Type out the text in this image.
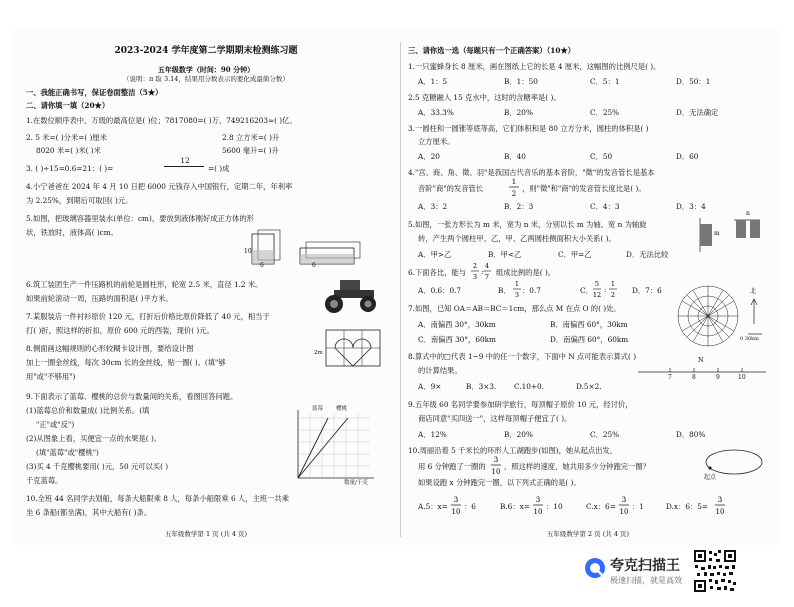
2023-2024 学年度第二学期期末检测练习题
五年级数学（时间：90 分钟）
（说明：π 取 3.14，结果用分数表示的要化成最简分数）
一、我能正确书写，保证卷面整洁（5★）
二、请你填一填（20★）
1.在数位顺序表中，万级的最高位是( )位；7817080=( )万，749216203≈( )亿。
2. 5 米=( )分米=( )厘米	2.8 立方米=( )升
8020 米=( )米( )米	5600 毫升=( )升
3. ( )÷15=0.6=21：( )=
12
=( )成
4.小宁爸爸在 2024 年 4 月 10 日把 6000 元钱存入中国银行，定期二年，年利率
为 2.25%，到期后可取回( )元。
5.如图，把玻璃容器里装水(单位：cm)，要放到液体刚好成正方体的形
状，铁放时，液体高( )cm。
6
10
6
6.筑工装团生产一件压路机的前轮是圆柱形，轮宽 2.5 米，直径 1.2 米。
如果前轮滚动一周，压路的面积是( )平方米。
7.某服装店一件衬衫原价 120 元，打折后价格比原价降低了 40 元，相当于
打( )折，照这样的折扣，原价 600 元的西装，现价( )元。
8.侧面画这幅规则的心形较糊卡设计图，要给设计图
加上一圈金丝线，每次 30cm 长的金丝线，贴一圈( )。(填"够
用"或"不够用")
2m
9.下面表示了蓝莓、樱桃的总价与数量间的关系，看图回答问题。
(1)蓝莓总价和数量成( )比例关系。(填
"正"或"反")
(2)从图象上看，买便宜一点的水果是( )。
(填"蓝莓"或"樱桃")
(3)买 4 千克樱桃要用( )元，50 元可以买( )
千克蓝莓。
蓝莓 樱桃
数量/千克
10.全班 44 名同学去划船，每条大船限乘 8 人，每条小船限乘 6 人，主班一共乘
坐 6 条船(都坐满)，其中大船有( )条。
五年级数学第 1 页 (共 4 页)
三、请你选一选（每题只有一个正确答案）（10★）
1.一只蜜蜂身长 8 厘米，画在图纸上它的长是 4 厘米，这幅图的比例尺是( )。
A．1：5	B．1：50	C．5：1	D．50：1
2.5 克糖融入 15 克水中，这时的含糖率是( )。
A．33.3%	B．20%	C．25%	D．无法确定
3.一圆柱和一圆锥等底等高，它们体积和是 80 立方分米，圆柱的体积是( )
立方厘米。
A．20	B．40	C．50	D．60
4."宫、商、角、徵、羽"是我国古代音乐的基本音阶，"徵"的发音管长是基本
音阶"商"的发音管长
1
2
，则"徵"和"商"的发音管长度比是( )。
A．3：2	B．2：3	C．4：3	D．3：4
5.如图，一张方形长为 m 米，宽为 n 米，分别以长 m 为轴、宽 n 为轴旋
转，产生两个圆柱甲、乙，甲、乙两圆柱侧面积大小关系( )。
A．甲>乙	B．甲<乙	C．甲=乙	D．无法比较
m
n
6.下面各比，能与
2
3
:
4
7 组成比例的是( )。
A．0.6：0.7	B．
1
3 ：0.7	C．
5
12
:
1
2 D．7：6
7.如图，已知 OA＝AB＝BC＝1cm，那么点 M 在点 O 的( )处。
A．南偏西 30°，30km	B．南偏西 60°，30km
C．南偏西 30°，60km	D．南偏西 60°，60km
北
0 30km
8.算式中的□代表 1~9 中的任一个数字，下面中 N 点可能表示算式( )
的计算结果。
A．9×	B．3×3. C.10+0.	D.5×2.
N
7	8	9	10
9.五年级 60 名同学要参加研学旅行，每顶帽子原价 10 元，经讨价，
商店同意"买四送一"，这样每顶帽子便宜了( )。
A．12%	B．20%	C．25%	D．80%
10.周丽沿着 5 千米长的环形人工湖跑步(如图)，她从起点出发，
用 6 分钟跑了一圈的
3
10
，照这样的速度，她共用多少分钟跑完一圈？
如果设跑 x 分钟跑完一圈，以下列式正确的是( )。
起点
A.5：x=
3
10
：6	B.6：x=
3
10
：10	C.x：6=
3
10
：1	D.x：6：5=
3
10
五年级数学第 2 页 (共 4 页)
夸克扫描王
极速扫描，就是高效
